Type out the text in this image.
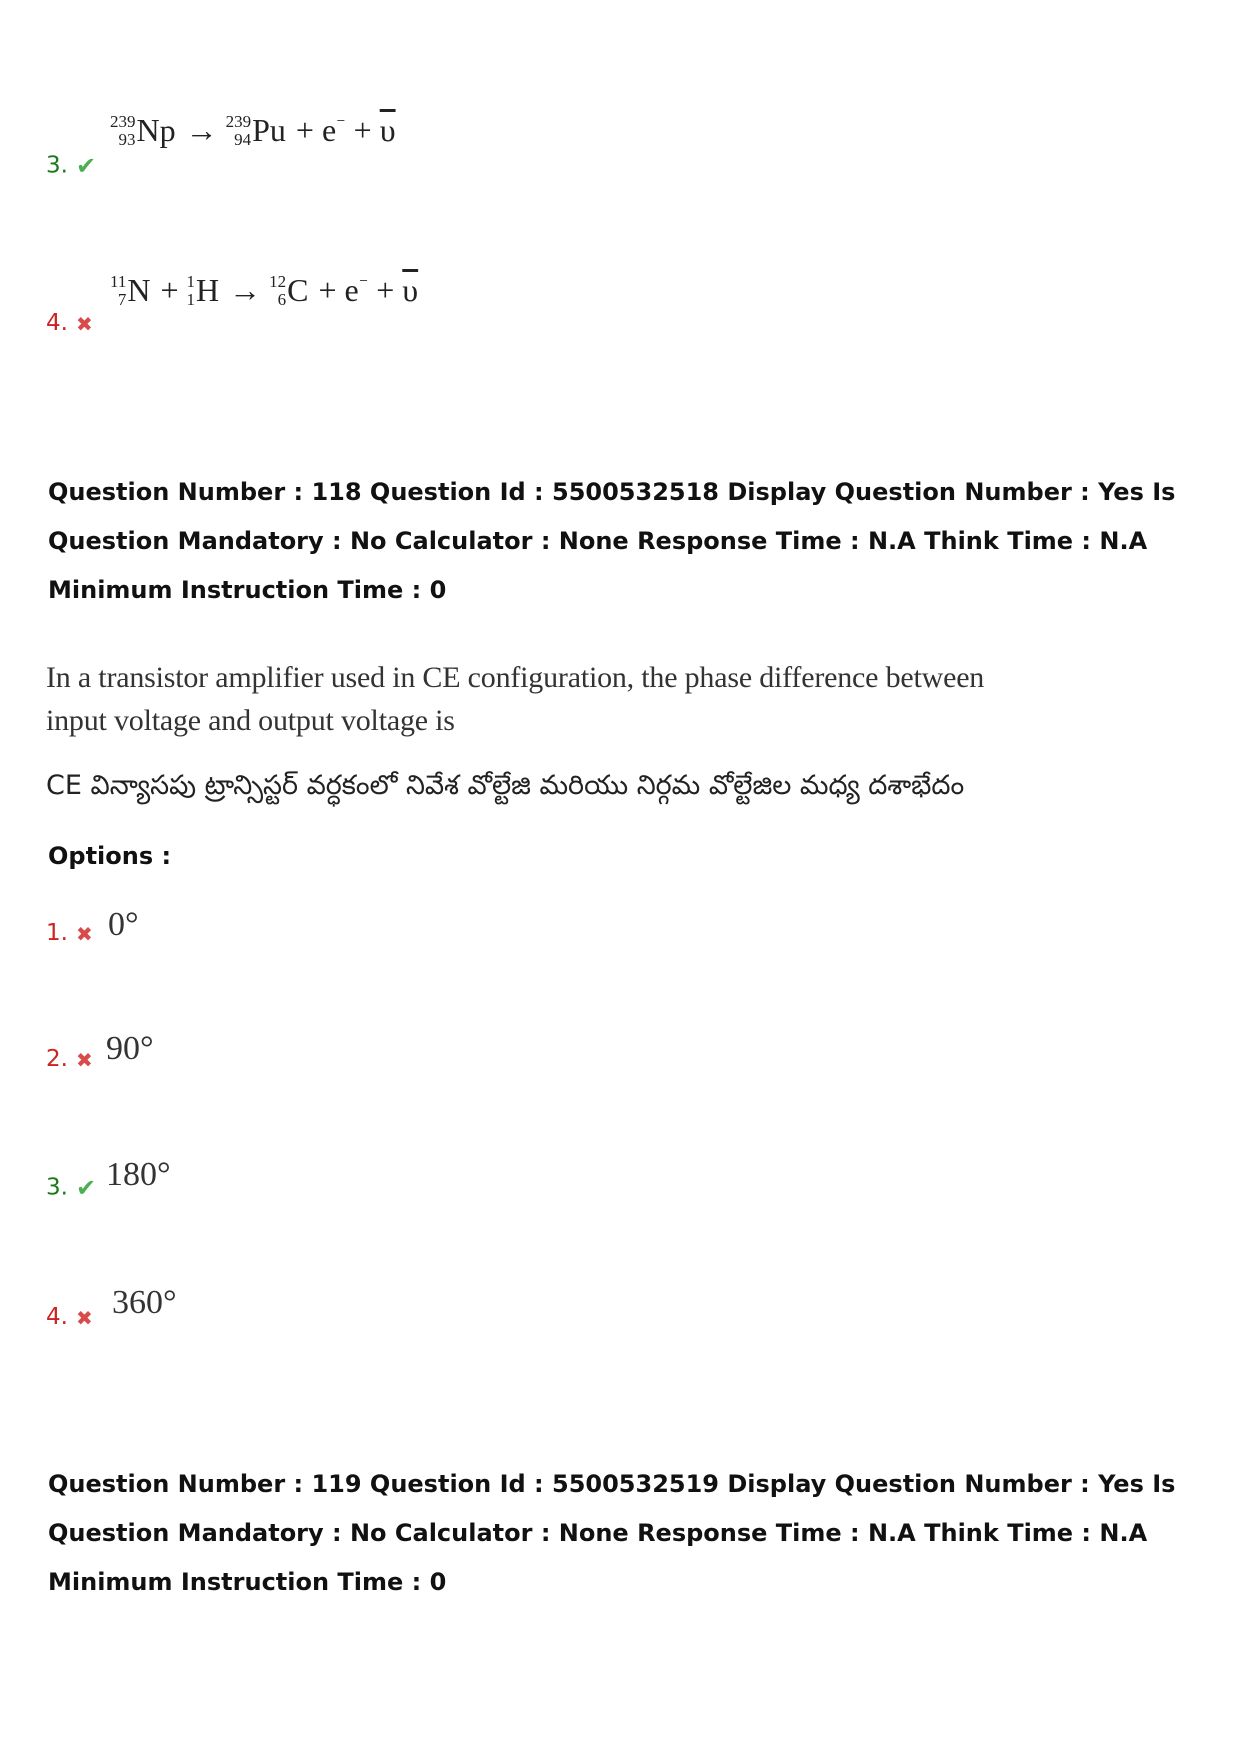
3. ✔
239
93 Np → 239
94 $Pu + e^{^-} + \overline{\upsilon}$
4. ✖
11
7 N + 1
1 H → 12
6 $C + e^{^-} + \overline{\upsilon}$
Question Number : 118 Question Id : 5500532518 Display Question Number : Yes Is Question Mandatory : No Calculator : None Response Time : N.A Think Time : N.A Minimum Instruction Time : 0
In a transistor amplifier used in CE configuration, the phase difference between
input voltage and output voltage is
CE విన్యాసపు ట్రాన్సిస్టర్ వర్ధకంలో నివేశ వోల్టేజి మరియు నిర్గమ వోల్టేజిల మధ్య దశాభేదం
Options :
1. ✖ 0°
2. ✖ 90°
3. ✔ 180°
4. ✖ 360°
Question Number : 119 Question Id : 5500532519 Display Question Number : Yes Is Question Mandatory : No Calculator : None Response Time : N.A Think Time : N.A Minimum Instruction Time : 0
